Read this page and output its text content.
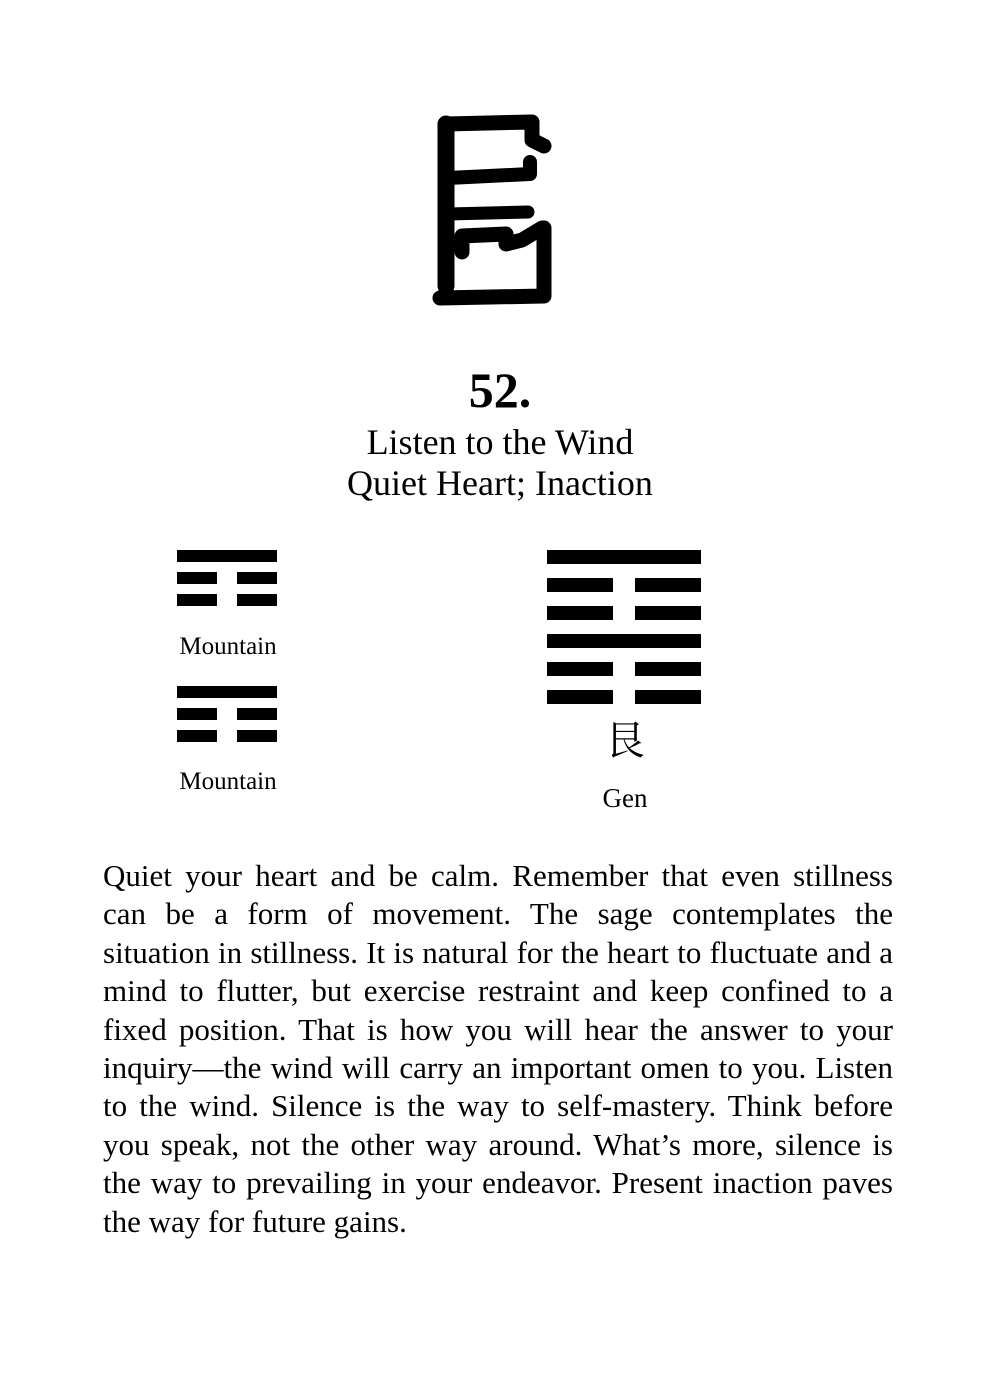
52.
Listen to the Wind
Quiet Heart; Inaction
Mountain
Mountain
艮
Gen

Quiet your heart and be calm. Remember that even stillness can be a form of movement. The sage contemplates the situation in stillness. It is natural for the heart to fluctuate and a mind to flutter, but exercise restraint and keep confined to a fixed position. That is how you will hear the answer to your inquiry—the wind will carry an important omen to you. Listen to the wind. Silence is the way to self-mastery. Think before you speak, not the other way around. What’s more, silence is the way to prevailing in your endeavor. Present inaction paves the way for future gains.
